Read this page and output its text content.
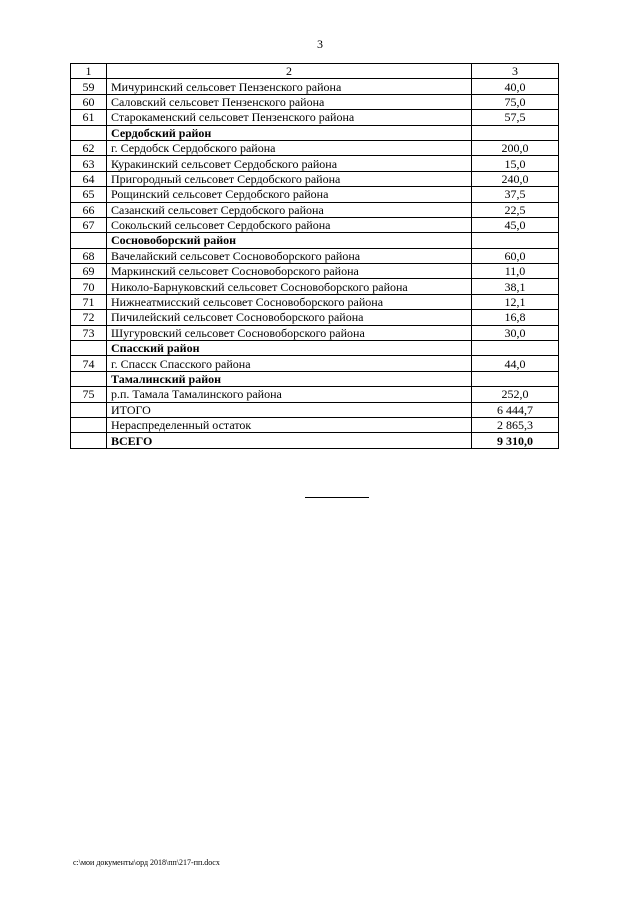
3
1	2	3
59	Мичуринский сельсовет Пензенского района	40,0
60	Саловский сельсовет Пензенского района	75,0
61	Старокаменский сельсовет Пензенского района	57,5
	Сердобский район	
62	г. Сердобск Сердобского района	200,0
63	Куракинский сельсовет Сердобского района	15,0
64	Пригородный сельсовет Сердобского района	240,0
65	Рощинский сельсовет Сердобского района	37,5
66	Сазанский сельсовет Сердобского района	22,5
67	Сокольский сельсовет Сердобского района	45,0
	Сосновоборский район	
68	Вачелайский сельсовет Сосновоборского района	60,0
69	Маркинский сельсовет Сосновоборского района	11,0
70	Николо-Барнуковский сельсовет Сосновоборского района	38,1
71	Нижнеатмисский сельсовет Сосновоборского района	12,1
72	Пичилейский сельсовет Сосновоборского района	16,8
73	Шугуровский сельсовет Сосновоборского района	30,0
	Спасский район	
74	г. Спасск Спасского района	44,0
	Тамалинский район	
75	р.п. Тамала Тамалинского района	252,0
	ИТОГО	6 444,7
	Нераспределенный остаток	2 865,3
	ВСЕГО	9 310,0
c:\мои документы\орд 2018\пп\217-пп.docx
